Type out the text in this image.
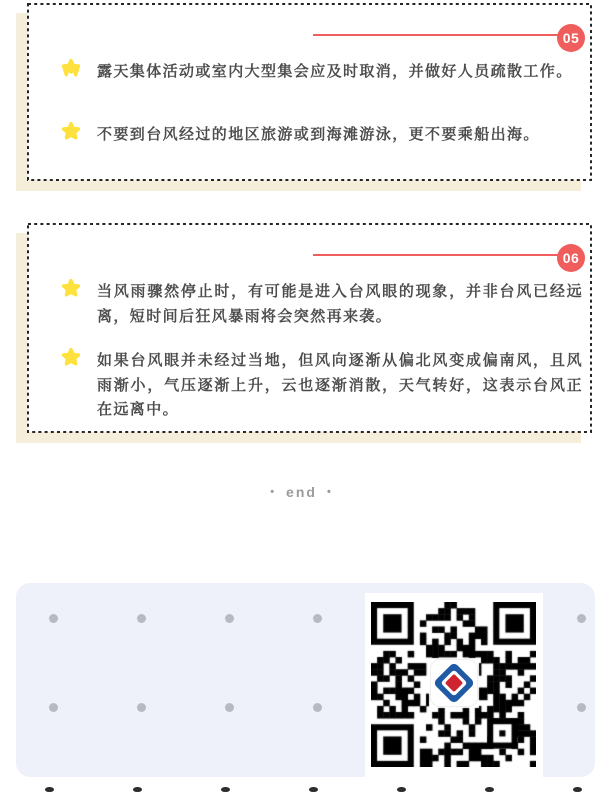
05

露天集体活动或室内大型集会应及时取消，并做好人员疏散工作。

不要到台风经过的地区旅游或到海滩游泳，更不要乘船出海。

06

当风雨骤然停止时，有可能是进入台风眼的现象，并非台风已经远离，短时间后狂风暴雨将会突然再来袭。

如果台风眼并未经过当地，但风向逐渐从偏北风变成偏南风，且风雨渐小，气压逐渐上升，云也逐渐消散，天气转好，这表示台风正在远离中。

• end •
